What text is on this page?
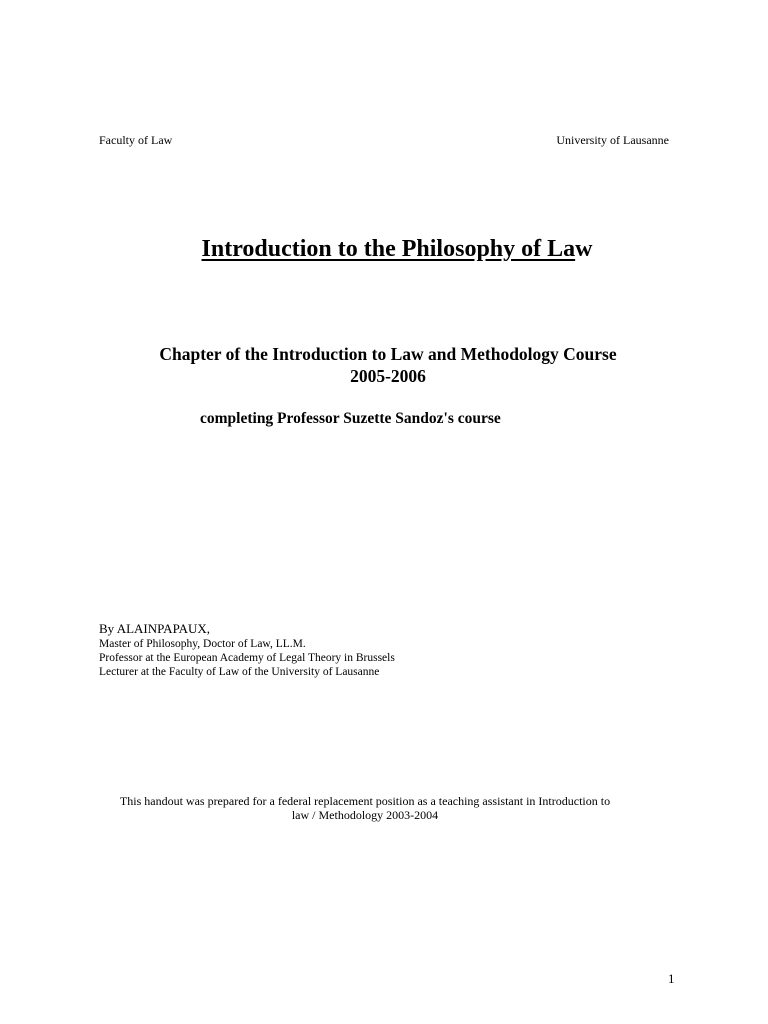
Faculty of Law	University of Lausanne
Introduction to the Philosophy of Law
Chapter of the Introduction to Law and Methodology Course
2005-2006
completing Professor Suzette Sandoz's course
By ALAINPAPAUX,
Master of Philosophy, Doctor of Law, LL.M.
Professor at the European Academy of Legal Theory in Brussels
Lecturer at the Faculty of Law of the University of Lausanne
This handout was prepared for a federal replacement position as a teaching assistant in Introduction to
law / Methodology 2003-2004
1
